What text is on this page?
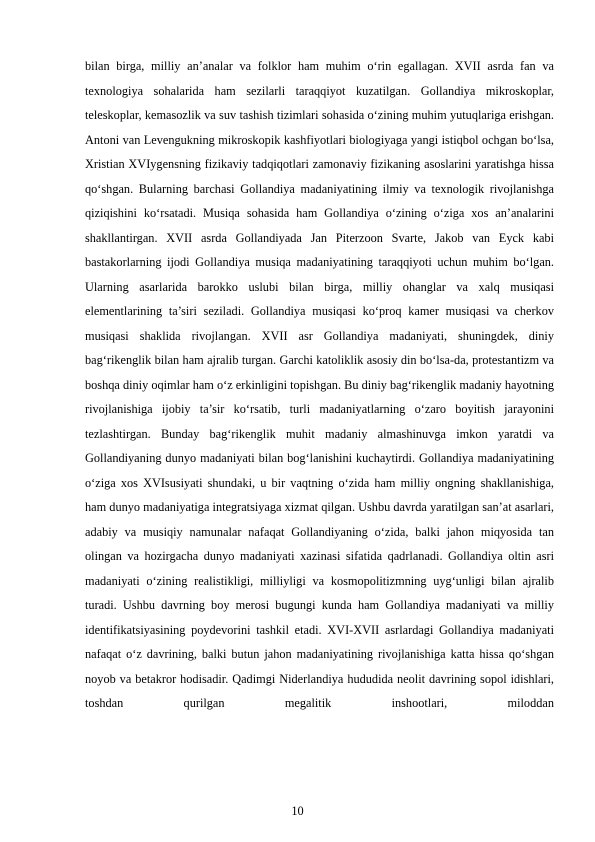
bilan birga, milliy an’analar va folklor ham muhim o‘rin egallagan. XVII asrda fan va texnologiya sohalarida ham sezilarli taraqqiyot kuzatilgan. Gollandiya mikroskoplar, teleskoplar, kemasozlik va suv tashish tizimlari sohasida o‘zining muhim yutuqlariga erishgan. Antoni van Levengukning mikroskopik kashfiyotlari biologiyaga yangi istiqbol ochgan bo‘lsa, Xristian XVIygensning fizikaviy tadqiqotlari zamonaviy fizikaning asoslarini yaratishga hissa qo‘shgan. Bularning barchasi Gollandiya madaniyatining ilmiy va texnologik rivojlanishga qiziqishini ko‘rsatadi. Musiqa sohasida ham Gollandiya o‘zining o‘ziga xos an’analarini shakllantirgan. XVII asrda Gollandiyada Jan Piterzoon Svarte, Jakob van Eyck kabi bastakorlarning ijodi Gollandiya musiqa madaniyatining taraqqiyoti uchun muhim bo‘lgan. Ularning asarlarida barokko uslubi bilan birga, milliy ohanglar va xalq musiqasi elementlarining ta’siri seziladi. Gollandiya musiqasi ko‘proq kamer musiqasi va cherkov musiqasi shaklida rivojlangan. XVII asr Gollandiya madaniyati, shuningdek, diniy bag‘rikenglik bilan ham ajralib turgan. Garchi katoliklik asosiy din bo‘lsa-da, protestantizm va boshqa diniy oqimlar ham o‘z erkinligini topishgan. Bu diniy bag‘rikenglik madaniy hayotning rivojlanishiga ijobiy ta’sir ko‘rsatib, turli madaniyatlarning o‘zaro boyitish jarayonini tezlashtirgan. Bunday bag‘rikenglik muhit madaniy almashinuvga imkon yaratdi va Gollandiyaning dunyo madaniyati bilan bog‘lanishini kuchaytirdi. Gollandiya madaniyatining o‘ziga xos XVIsusiyati shundaki, u bir vaqtning o‘zida ham milliy ongning shakllanishiga, ham dunyo madaniyatiga integratsiyaga xizmat qilgan. Ushbu davrda yaratilgan san’at asarlari, adabiy va musiqiy namunalar nafaqat Gollandiyaning o‘zida, balki jahon miqyosida tan olingan va hozirgacha dunyo madaniyati xazinasi sifatida qadrlanadi. Gollandiya oltin asri madaniyati o‘zining realistikligi, milliyligi va kosmopolitizmning uyg‘unligi bilan ajralib turadi. Ushbu davrning boy merosi bugungi kunda ham Gollandiya madaniyati va milliy identifikatsiyasining poydevorini tashkil etadi. XVI-XVII asrlardagi Gollandiya madaniyati nafaqat o‘z davrining, balki butun jahon madaniyatining rivojlanishiga katta hissa qo‘shgan noyob va betakror hodisadir. Qadimgi Niderlandiya hududida neolit davrining sopol idishlari, toshdan qurilgan megalitik inshootlari, miloddan

10
